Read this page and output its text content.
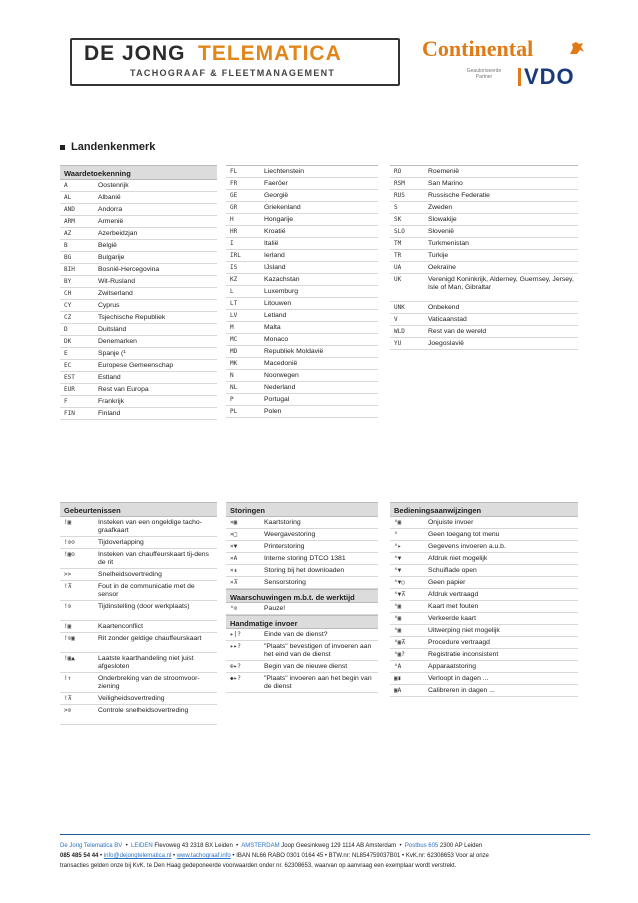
DE JONG TELEMATICA
TACHOGRAAF & FLEETMANAGEMENT
Continental
Geautoriseerde Partner	VDO
Landenkenmerk
Waardetoekenning
A	Oostenrijk
AL	Albanië
AND	Andorra
ARM	Armenië
AZ	Azerbeidzjan
B	België
BG	Bulgarije
BIH	Bosnië-Hercegovina
BY	Wit-Rusland
CH	Zwitserland
CY	Cyprus
CZ	Tsjechische Republiek
D	Duitsland
DK	Denemarken
E	Spanje (¹
EC	Europese Gemeenschap
EST	Estland
EUR	Rest van Europa
F	Frankrijk
FIN	Finland
FL	Liechtenstein
FR	Faeröer
GE	Georgië
GR	Griekenland
H	Hongarije
HR	Kroatië
I	Italië
IRL	Ierland
IS	IJsland
KZ	Kazachstan
L	Luxemburg
LT	Litouwen
LV	Letland
M	Malta
MC	Monaco
MD	Republiek Moldavië
MK	Macedonië
N	Noorwegen
NL	Nederland
P	Portugal
PL	Polen
RO	Roemenië
RSM	San Marino
RUS	Russische Federatie
S	Zweden
SK	Slowakije
SLO	Slovenië
TM	Turkmenistan
TR	Turkije
UA	Oekraïne
UK	Verenigd Koninkrijk, Alderney, Guernsey, Jersey, Isle of Man, Gibraltar
UNK	Onbekend
V	Vaticaanstad
WLD	Rest van de wereld
YU	Joegoslavië
Gebeurtenissen
!▣	Insteken van een ongeldige tacho-graafkaart
!⊙⊙	Tijdoverlapping
!▣⊙	Insteken van chauffeurskaart tij-dens de rit
>>	Snelheidsovertreding
!⊼	Fout in de communicatie met de sensor
!⊙	Tijdinstelling (door werkplaats)
!▣	Kaartenconflict
!⊙▣	Rit zonder geldige chauffeurskaart
!▣▲	Laatste kaarthandeling niet juist afgesloten
!↑	Onderbreking van de stroomvoor-ziening
!⊼	Veiligheidsovertreding
>⊙	Controle snelheidsovertreding
Storingen
×▣	Kaartstoring
×□	Weergavestoring
×▼	Printerstoring
×A	Interne storing DTCO 1381
×⇟	Storing bij het downloaden
×⊼	Sensorstoring
Waarschuwingen m.b.t. de werktijd
⁴⊙	Pauze!
Handmatige invoer
▸|?	Einde van de dienst?
▸▸?	"Plaats" bevestigen of invoeren aan het eind van de dienst
⊕▸?	Begin van de nieuwe dienst
◆▸?	"Plaats" invoeren aan het begin van de dienst
Bedieningsaanwijzingen
⁴▣	Onjuiste invoer
⁴	Geen toegang tot menu
⁴▸	Gegevens invoeren a.u.b.
⁴▼	Afdruk niet mogelijk
⁴▼	Schuiflade open
⁴▼○	Geen papier
⁴▼⊼	Afdruk vertraagd
⁴▣	Kaart met fouten
⁴▣	Verkeerde kaart
⁴▣	Uitwerping niet mogelijk
⁴▣⊼	Procedure vertraagd
⁴▣?	Registratie inconsistent
⁴A	Apparaatstoring
▣▮	Verloopt in dagen ...
▣A	Calibreren in dagen ...
De Jong Telematica BV  •  LEIDEN Flevoweg 43 2318 BX Leiden  •  AMSTERDAM Joop Geesinkweg 129 1114 AB Amsterdam  •  Postbus 605 2300 AP Leiden
085 485 54 44 • info@dejongtelematica.nl • www.tachograaf.info • IBAN NL66 RABO 0301 0164 45 • BTW.nr: NL854759037B01 • KvK.nr: 62308653 Voor al onze
transacties gelden onze bij KvK. te Den Haag gedeponeerde voorwaarden onder nr. 62308653, waarvan op aanvraag een exemplaar wordt verstrekt.
